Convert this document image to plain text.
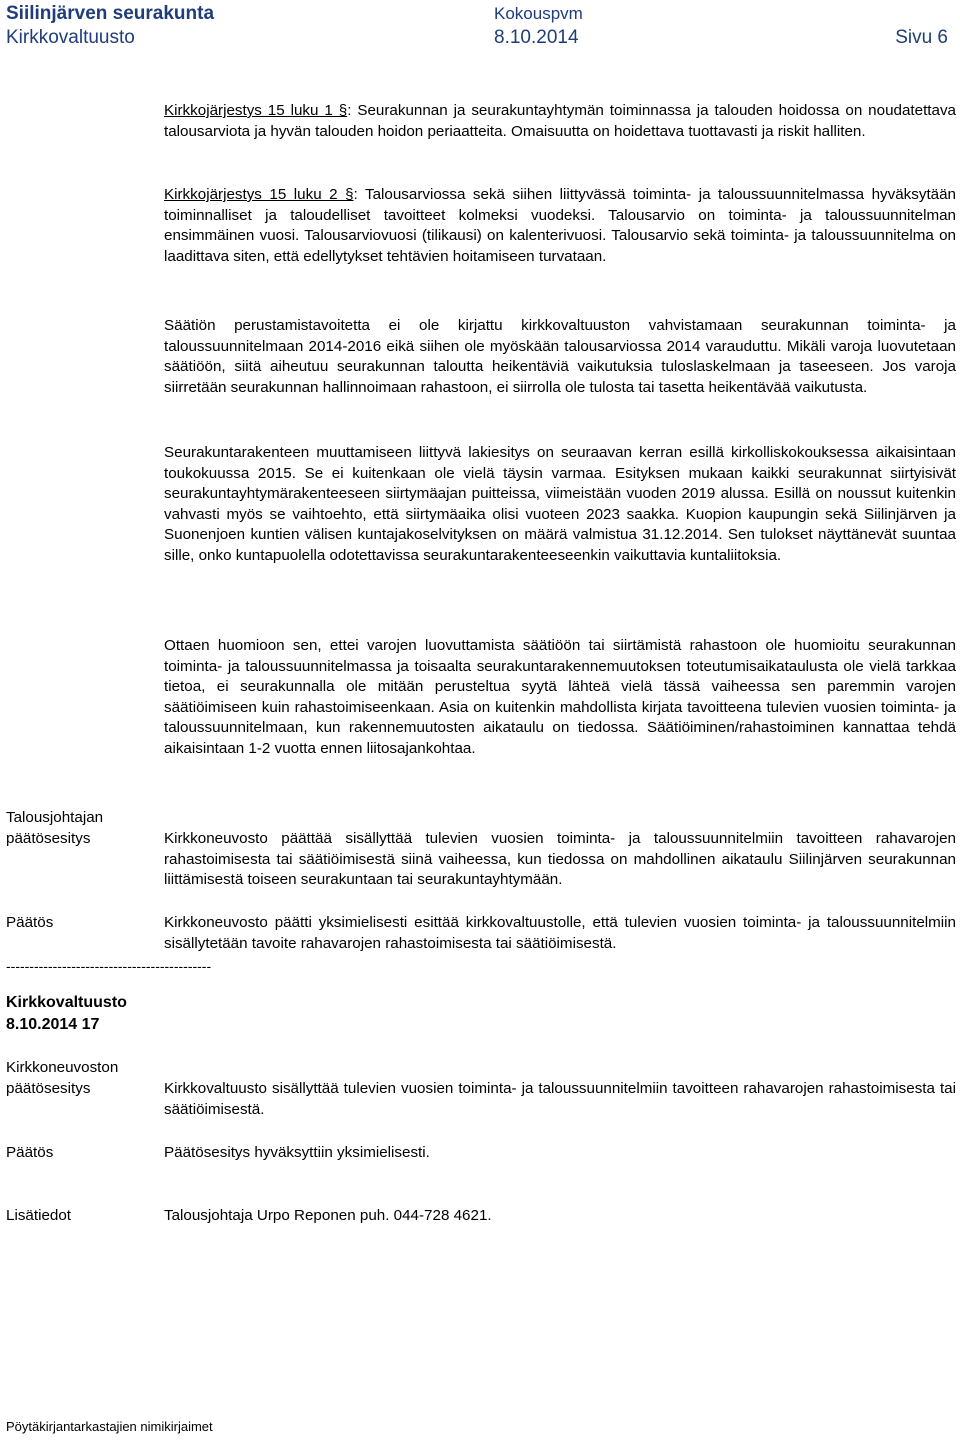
Siilinjärven seurakunta
Kirkkovaltuusto
Kokouspvm
8.10.2014	Sivu 6
Kirkkojärjestys 15 luku 1 §: Seurakunnan ja seurakuntayhtymän toiminnassa ja talouden hoidossa on noudatettava talousarviota ja hyvän talouden hoidon periaatteita. Omaisuutta on hoidettava tuottavasti ja riskit halliten.
Kirkkojärjestys 15 luku 2 §: Talousarviossa sekä siihen liittyvässä toiminta- ja taloussuunnitelmassa hyväksytään toiminnalliset ja taloudelliset tavoitteet kolmeksi vuodeksi. Talousarvio on toiminta- ja taloussuunnitelman ensimmäinen vuosi. Talousarviovuosi (tilikausi) on kalenterivuosi. Talousarvio sekä toiminta- ja taloussuunnitelma on laadittava siten, että edellytykset tehtävien hoitamiseen turvataan.
Säätiön perustamistavoitetta ei ole kirjattu kirkkovaltuuston vahvistamaan seurakunnan toiminta- ja taloussuunnitelmaan 2014-2016 eikä siihen ole myöskään talousarviossa 2014 varauduttu. Mikäli varoja luovutetaan säätiöön, siitä aiheutuu seurakunnan taloutta heikentäviä vaikutuksia tuloslaskelmaan ja taseeseen. Jos varoja siirretään seurakunnan hallinnoimaan rahastoon, ei siirrolla ole tulosta tai tasetta heikentävää vaikutusta.
Seurakuntarakenteen muuttamiseen liittyvä lakiesitys on seuraavan kerran esillä kirkolliskokouksessa aikaisintaan toukokuussa 2015. Se ei kuitenkaan ole vielä täysin varmaa. Esityksen mukaan kaikki seurakunnat siirtyisivät seurakuntayhtymärakenteeseen siirtymäajan puitteissa, viimeistään vuoden 2019 alussa. Esillä on noussut kuitenkin vahvasti myös se vaihtoehto, että siirtymäaika olisi vuoteen 2023 saakka. Kuopion kaupungin sekä Siilinjärven ja Suonenjoen kuntien välisen kuntajakoselvityksen on määrä valmistua 31.12.2014. Sen tulokset näyttänevät suuntaa sille, onko kuntapuolella odotettavissa seurakuntarakenteeseenkin vaikuttavia kuntaliitoksia.
Ottaen huomioon sen, ettei varojen luovuttamista säätiöön tai siirtämistä rahastoon ole huomioitu seurakunnan toiminta- ja taloussuunnitelmassa ja toisaalta seurakuntarakennemuutoksen toteutumisaikataulusta ole vielä tarkkaa tietoa, ei seurakunnalla ole mitään perusteltua syytä lähteä vielä tässä vaiheessa sen paremmin varojen säätiöimiseen kuin rahastoimiseenkaan. Asia on kuitenkin mahdollista kirjata tavoitteena tulevien vuosien toiminta- ja taloussuunnitelmaan, kun rakennemuutosten aikataulu on tiedossa. Säätiöiminen/rahastoiminen kannattaa tehdä aikaisintaan 1-2 vuotta ennen liitosajankohtaa.
Talousjohtajan
päätösesitys	Kirkkoneuvosto päättää sisällyttää tulevien vuosien toiminta- ja taloussuunnitelmiin tavoitteen rahavarojen rahastoimisesta tai säätiöimisestä siinä vaiheessa, kun tiedossa on mahdollinen aikataulu Siilinjärven seurakunnan liittämisestä toiseen seurakuntaan tai seurakuntayhtymään.
Päätös	Kirkkoneuvosto päätti yksimielisesti esittää kirkkovaltuustolle, että tulevien vuosien toiminta- ja taloussuunnitelmiin sisällytetään tavoite rahavarojen rahastoimisesta tai säätiöimisestä.
--------------------------------------------
Kirkkovaltuusto
8.10.2014 17
Kirkkoneuvoston
päätösesitys	Kirkkovaltuusto sisällyttää tulevien vuosien toiminta- ja taloussuunnitelmiin tavoitteen rahavarojen rahastoimisesta tai säätiöimisestä.
Päätös	Päätösesitys hyväksyttiin yksimielisesti.
Lisätiedot	Talousjohtaja Urpo Reponen puh. 044-728 4621.
Pöytäkirjantarkastajien nimikirjaimet
